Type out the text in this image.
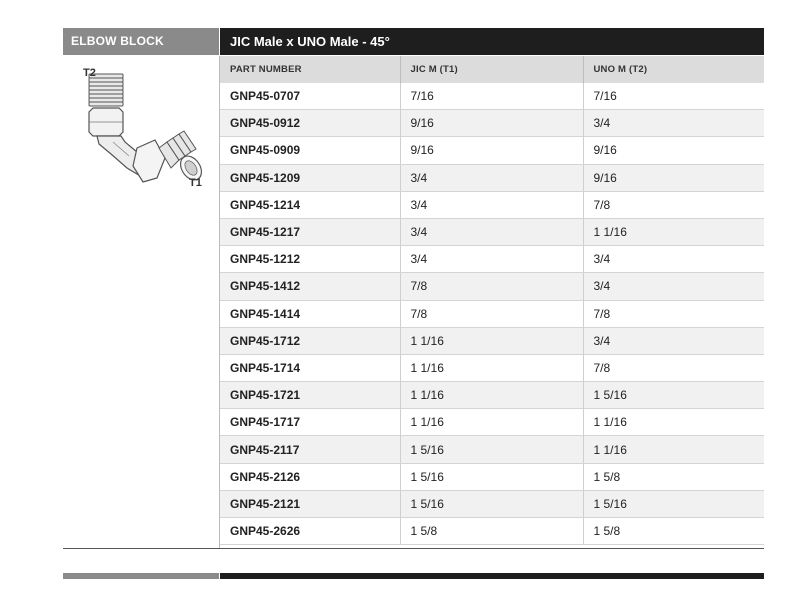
ELBOW BLOCK	JIC Male x UNO Male - 45°
T2
T1
PART NUMBER	JIC M (T1)	UNO M (T2)
GNP45-0707	7/16	7/16
GNP45-0912	9/16	3/4
GNP45-0909	9/16	9/16
GNP45-1209	3/4	9/16
GNP45-1214	3/4	7/8
GNP45-1217	3/4	1 1/16
GNP45-1212	3/4	3/4
GNP45-1412	7/8	3/4
GNP45-1414	7/8	7/8
GNP45-1712	1 1/16	3/4
GNP45-1714	1 1/16	7/8
GNP45-1721	1 1/16	1 5/16
GNP45-1717	1 1/16	1 1/16
GNP45-2117	1 5/16	1 1/16
GNP45-2126	1 5/16	1 5/8
GNP45-2121	1 5/16	1 5/16
GNP45-2626	1 5/8	1 5/8
